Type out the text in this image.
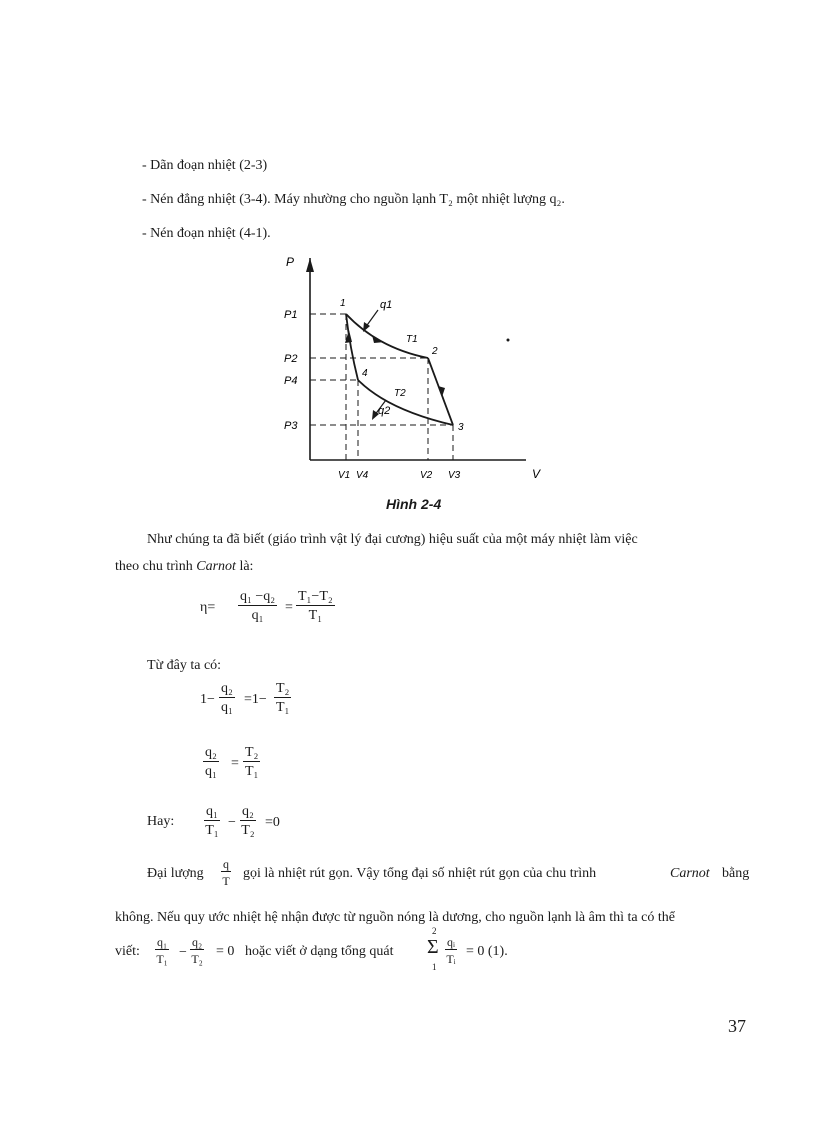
- Dãn đoạn nhiệt (2-3)
- Nén đẳng nhiệt (3-4). Máy nhường cho nguồn lạnh T₂ một nhiệt lượng q₂.
- Nén đoạn nhiệt (4-1).
P
V
P1
P2
P4
P3
V1 V4	V2 V3
1
2
3
4
q1
q2
T1
T2
Hình 2-4
Như chúng ta đã biết (giáo trình vật lý đại cương) hiệu suất của một máy nhiệt làm việc
theo chu trình Carnot là:
$\eta= \frac{\text{q₁ −q₂}}{\text{q₁}} = \frac{\text{T₁−T₂}}{\text{T₁}}$
Từ đây ta có:
$1- \frac{\text{q₂}}{\text{q₁}} =1- \frac{\text{T₂}}{\text{T₁}}$
$\frac{\text{q₂}}{\text{q₁}} = \frac{\text{T₂}}{\text{T₁}}$
Hay: $\frac{\text{q₁}}{\text{T₁}} - \frac{\text{q₂}}{\text{T₂}} =0$
Đại lượng $\frac{q}{T}$ gọi là nhiệt rút gọn. Vậy tổng đại số nhiệt rút gọn của chu trình	Carnot bằng
không. Nếu quy ước nhiệt hệ nhận được từ nguồn nóng là dương, cho nguồn lạnh là âm thì ta có thể
viết: $\frac{\text{q₁}}{\text{T₁}} - \frac{\text{q₂}}{\text{T₂}} = 0$ hoặc viết ở dạng tổng quát
2
Σ
1
$\frac{\text{qᵢ}}{\text{Tᵢ}} = 0$ (1).
37
